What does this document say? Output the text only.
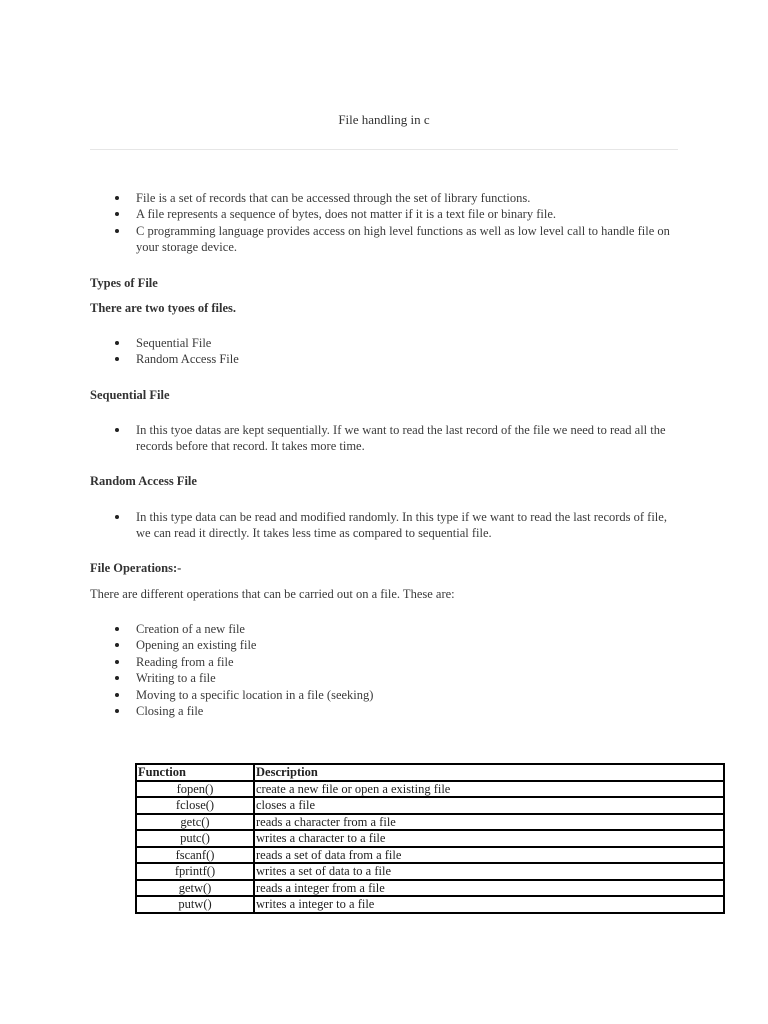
File handling in c
File is a set of records that can be accessed through the set of library functions.
A file represents a sequence of bytes, does not matter if it is a text file or binary file.
C programming language provides access on high level functions as well as low level call to handle file on your storage device.
Types of File
There are two tyoes of files.
Sequential File
Random Access File
Sequential File
In this tyoe datas are kept sequentially. If we want to read the last record of the file we need to read all the records before that record. It takes more time.
Random Access File
In this type data can be read and modified randomly. In this type if we want to read the last records of file, we can read it directly. It takes less time as compared to sequential file.
File Operations:-
There are different operations that can be carried out on a file. These are:
Creation of a new file
Opening an existing file
Reading from a file
Writing to a file
Moving to a specific location in a file (seeking)
Closing a file
Function	Description
fopen()	create a new file or open a existing file
fclose()	closes a file
getc()	reads a character from a file
putc()	writes a character to a file
fscanf()	reads a set of data from a file
fprintf()	writes a set of data to a file
getw()	reads a integer from a file
putw()	writes a integer to a file
